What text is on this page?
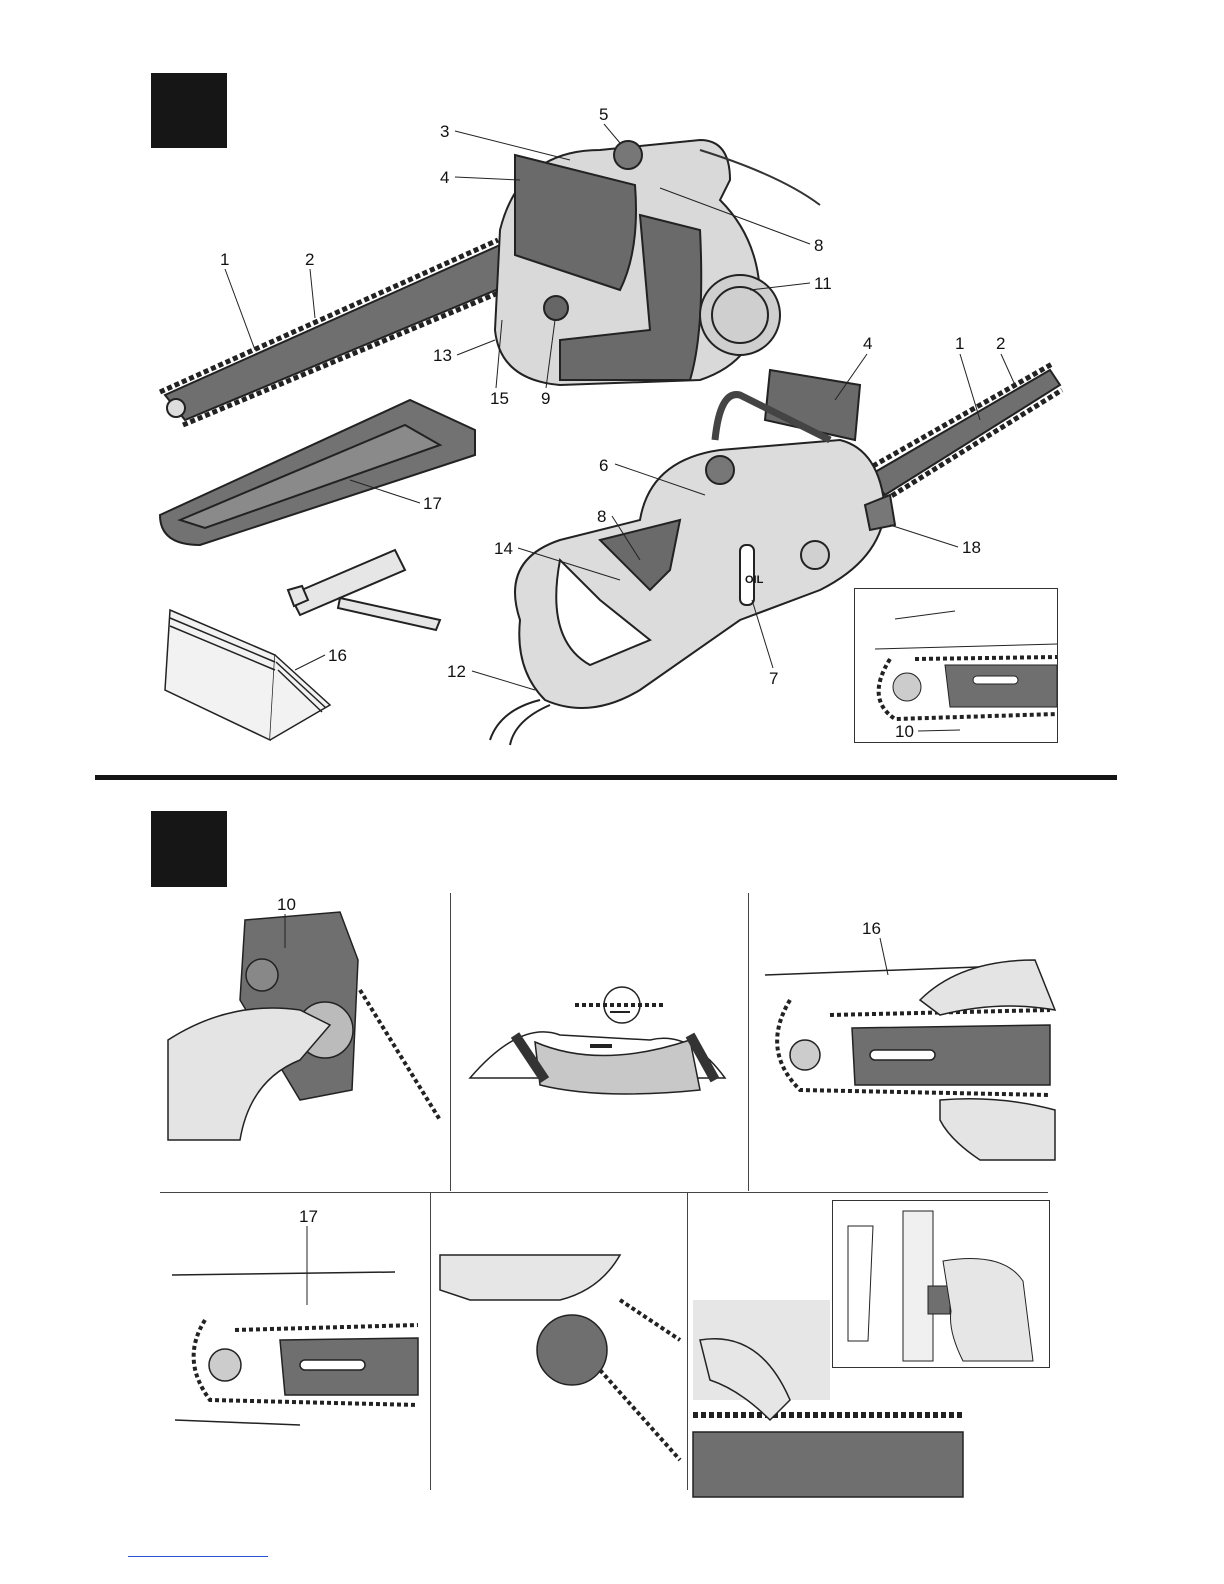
OIL
1	2
3
4
5
8
11
13
15 9
17
16
12
4	1 2
6
8
14	18
7
10
10
16
17
